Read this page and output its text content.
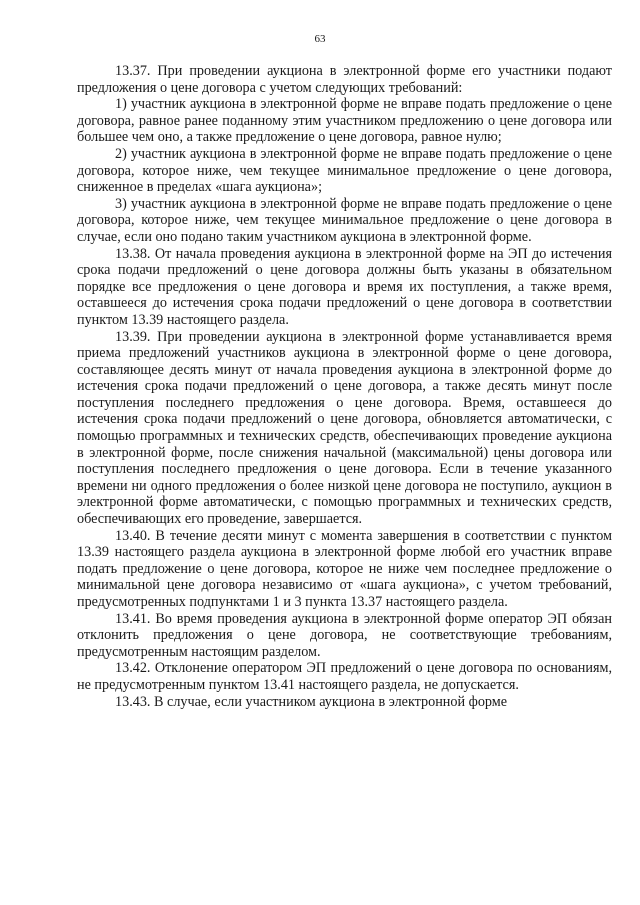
63

13.37. При проведении аукциона в электронной форме его участники подают предложения о цене договора с учетом следующих требований:

1) участник аукциона в электронной форме не вправе подать предложение о цене договора, равное ранее поданному этим участником предложению о цене договора или большее чем оно, а также предложение о цене договора, равное нулю;

2) участник аукциона в электронной форме не вправе подать предложение о цене договора, которое ниже, чем текущее минимальное предложение о цене договора, сниженное в пределах «шага аукциона»;

3) участник аукциона в электронной форме не вправе подать предложение о цене договора, которое ниже, чем текущее минимальное предложение о цене договора в случае, если оно подано таким участником аукциона в электронной форме.

13.38. От начала проведения аукциона в электронной форме на ЭП до истечения срока подачи предложений о цене договора должны быть указаны в обязательном порядке все предложения о цене договора и время их поступления, а также время, оставшееся до истечения срока подачи предложений о цене договора в соответствии пунктом 13.39 настоящего раздела.

13.39. При проведении аукциона в электронной форме устанавливается время приема предложений участников аукциона в электронной форме о цене договора, составляющее десять минут от начала проведения аукциона в электронной форме до истечения срока подачи предложений о цене договора, а также десять минут после поступления последнего предложения о цене договора. Время, оставшееся до истечения срока подачи предложений о цене договора, обновляется автоматически, с помощью программных и технических средств, обеспечивающих проведение аукциона в электронной форме, после снижения начальной (максимальной) цены договора или поступления последнего предложения о цене договора. Если в течение указанного времени ни одного предложения о более низкой цене договора не поступило, аукцион в электронной форме автоматически, с помощью программных и технических средств, обеспечивающих его проведение, завершается.

13.40. В течение десяти минут с момента завершения в соответствии с пунктом 13.39 настоящего раздела аукциона в электронной форме любой его участник вправе подать предложение о цене договора, которое не ниже чем последнее предложение о минимальной цене договора независимо от «шага аукциона», с учетом требований, предусмотренных подпунктами 1 и 3 пункта 13.37 настоящего раздела.

13.41. Во время проведения аукциона в электронной форме оператор ЭП обязан отклонить предложения о цене договора, не соответствующие требованиям, предусмотренным настоящим разделом.

13.42. Отклонение оператором ЭП предложений о цене договора по основаниям, не предусмотренным пунктом 13.41 настоящего раздела, не допускается.

13.43. В случае, если участником аукциона в электронной форме
